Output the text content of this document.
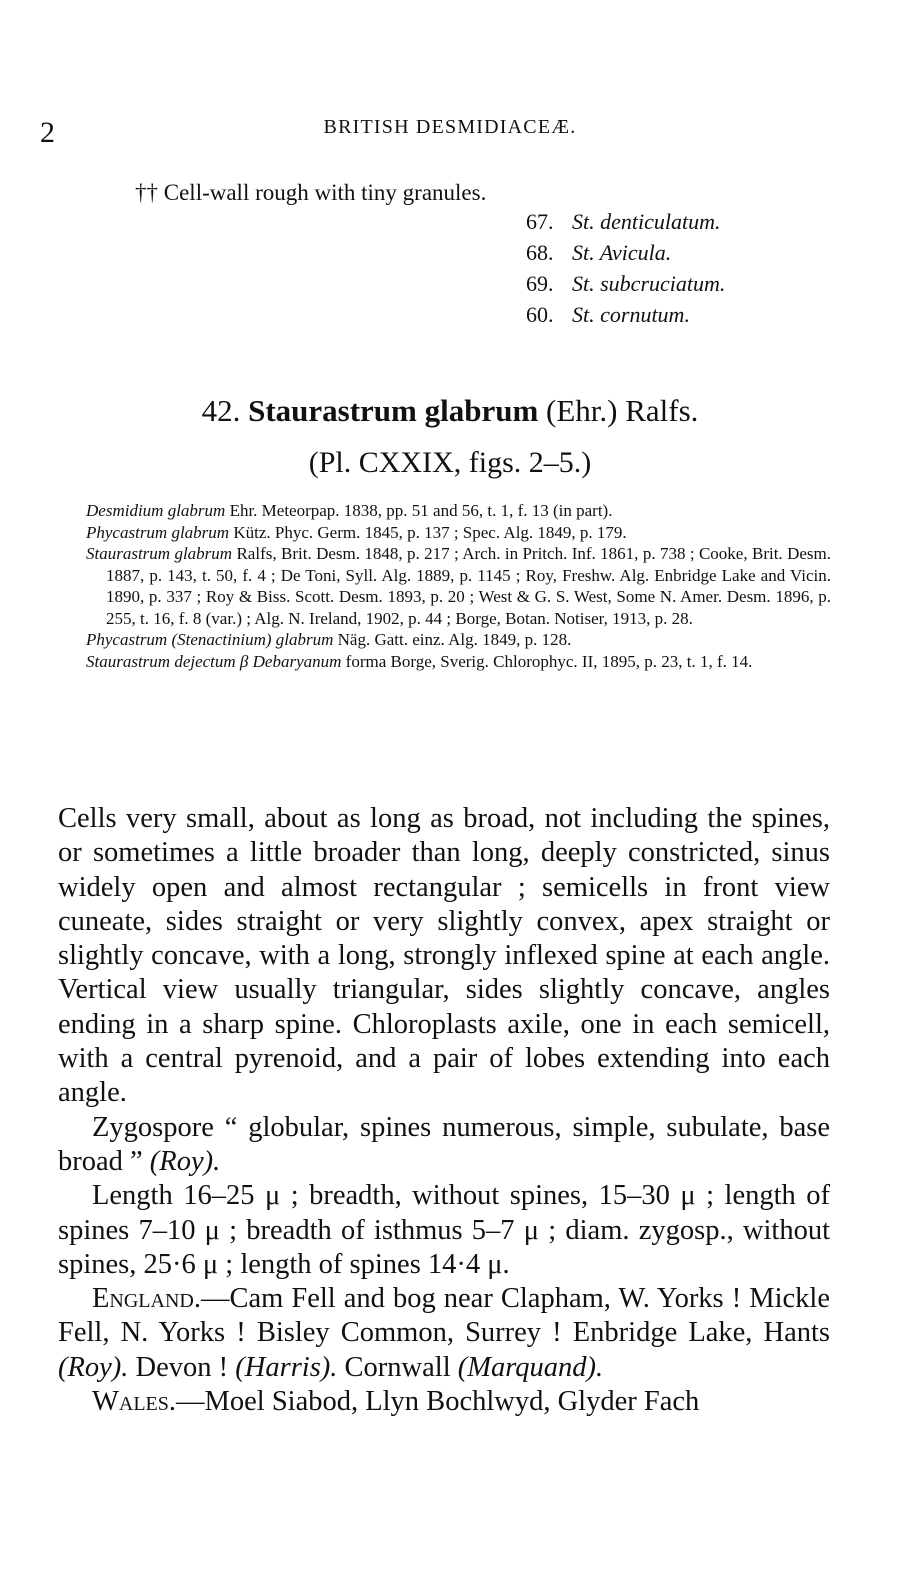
2	BRITISH DESMIDIACEÆ.
†† Cell-wall rough with tiny granules.
67. St. denticulatum.
68. St. Avicula.
69. St. subcruciatum.
60. St. cornutum.
42. Staurastrum glabrum (Ehr.) Ralfs.
(Pl. CXXIX, figs. 2–5.)
Desmidium glabrum Ehr. Meteorpap. 1838, pp. 51 and 56, t. 1, f. 13 (in part).
Phycastrum glabrum Kütz. Phyc. Germ. 1845, p. 137 ; Spec. Alg. 1849, p. 179.
Staurastrum glabrum Ralfs, Brit. Desm. 1848, p. 217 ; Arch. in Pritch. Inf. 1861, p. 738 ; Cooke, Brit. Desm. 1887, p. 143, t. 50, f. 4 ; De Toni, Syll. Alg. 1889, p. 1145 ; Roy, Freshw. Alg. Enbridge Lake and Vicin. 1890, p. 337 ; Roy & Biss. Scott. Desm. 1893, p. 20 ; West & G. S. West, Some N. Amer. Desm. 1896, p. 255, t. 16, f. 8 (var.) ; Alg. N. Ireland, 1902, p. 44 ; Borge, Botan. Notiser, 1913, p. 28.
Phycastrum (Stenactinium) glabrum Näg. Gatt. einz. Alg. 1849, p. 128.
Staurastrum dejectum β Debaryanum forma Borge, Sverig. Chlorophyc. II, 1895, p. 23, t. 1, f. 14.

Cells very small, about as long as broad, not including the spines, or sometimes a little broader than long, deeply constricted, sinus widely open and almost rectangular ; semicells in front view cuneate, sides straight or very slightly convex, apex straight or slightly concave, with a long, strongly inflexed spine at each angle. Vertical view usually triangular, sides slightly concave, angles ending in a sharp spine. Chloroplasts axile, one in each semicell, with a central pyrenoid, and a pair of lobes extending into each angle.

Zygospore “ globular, spines numerous, simple, subulate, base broad ” (Roy).

Length 16–25 μ ; breadth, without spines, 15–30 μ ; length of spines 7–10 μ ; breadth of isthmus 5–7 μ ; diam. zygosp., without spines, 25·6 μ ; length of spines 14·4 μ.

England.—Cam Fell and bog near Clapham, W. Yorks ! Mickle Fell, N. Yorks ! Bisley Common, Surrey ! Enbridge Lake, Hants (Roy). Devon ! (Harris). Cornwall (Marquand).

Wales.—Moel Siabod, Llyn Bochlwyd, Glyder Fach
